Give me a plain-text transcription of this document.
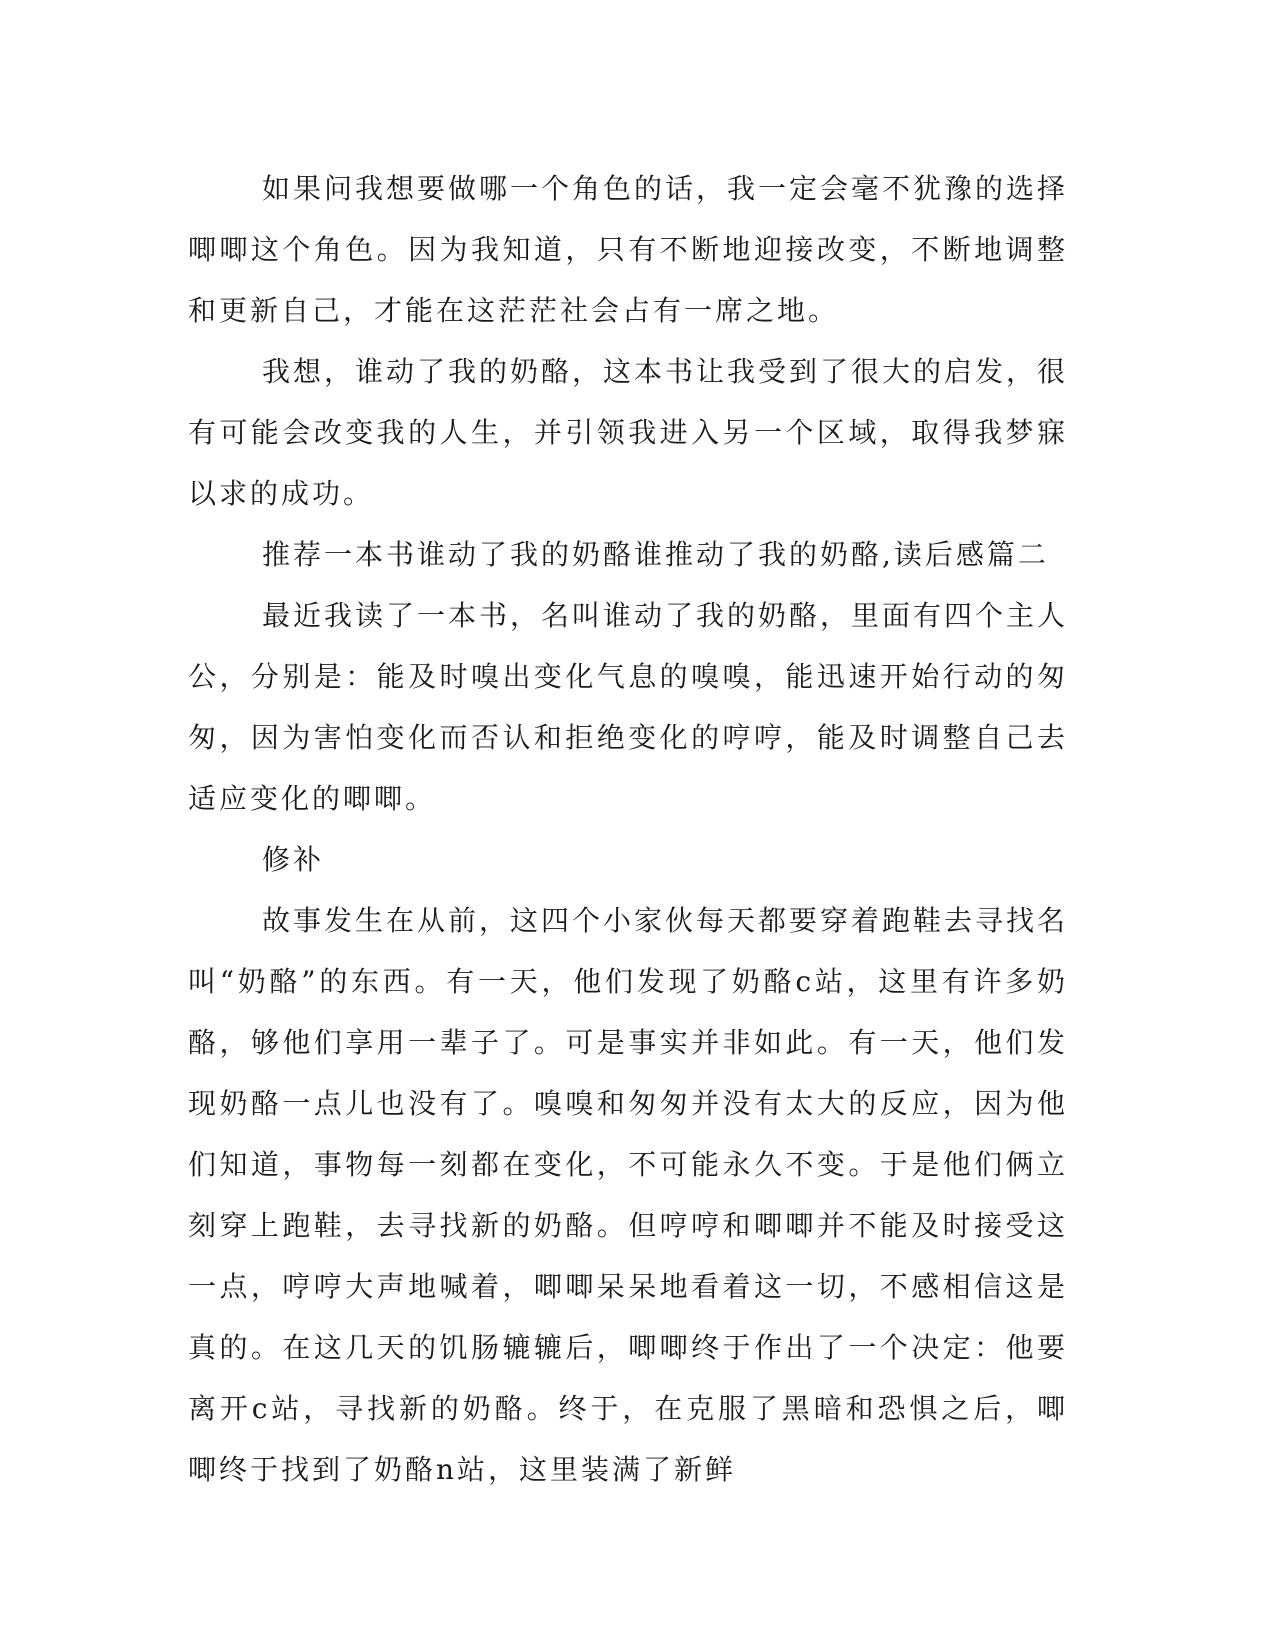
如果问我想要做哪一个角色的话，我一定会毫不犹豫的选择唧唧这个角色。因为我知道，只有不断地迎接改变，不断地调整和更新自己，才能在这茫茫社会占有一席之地。

我想，谁动了我的奶酪，这本书让我受到了很大的启发，很有可能会改变我的人生，并引领我进入另一个区域，取得我梦寐以求的成功。

推荐一本书谁动了我的奶酪谁推动了我的奶酪,读后感篇二

最近我读了一本书，名叫谁动了我的奶酪，里面有四个主人公，分别是：能及时嗅出变化气息的嗅嗅，能迅速开始行动的匆匆，因为害怕变化而否认和拒绝变化的哼哼，能及时调整自己去适应变化的唧唧。

修补

故事发生在从前，这四个小家伙每天都要穿着跑鞋去寻找名叫“奶酪”的东西。有一天，他们发现了奶酪c站，这里有许多奶酪，够他们享用一辈子了。可是事实并非如此。有一天，他们发现奶酪一点儿也没有了。嗅嗅和匆匆并没有太大的反应，因为他们知道，事物每一刻都在变化，不可能永久不变。于是他们俩立刻穿上跑鞋，去寻找新的奶酪。但哼哼和唧唧并不能及时接受这一点，哼哼大声地喊着，唧唧呆呆地看着这一切，不感相信这是真的。在这几天的饥肠辘辘后，唧唧终于作出了一个决定：他要离开c站，寻找新的奶酪。终于，在克服了黑暗和恐惧之后，唧唧终于找到了奶酪n站，这里装满了新鲜
